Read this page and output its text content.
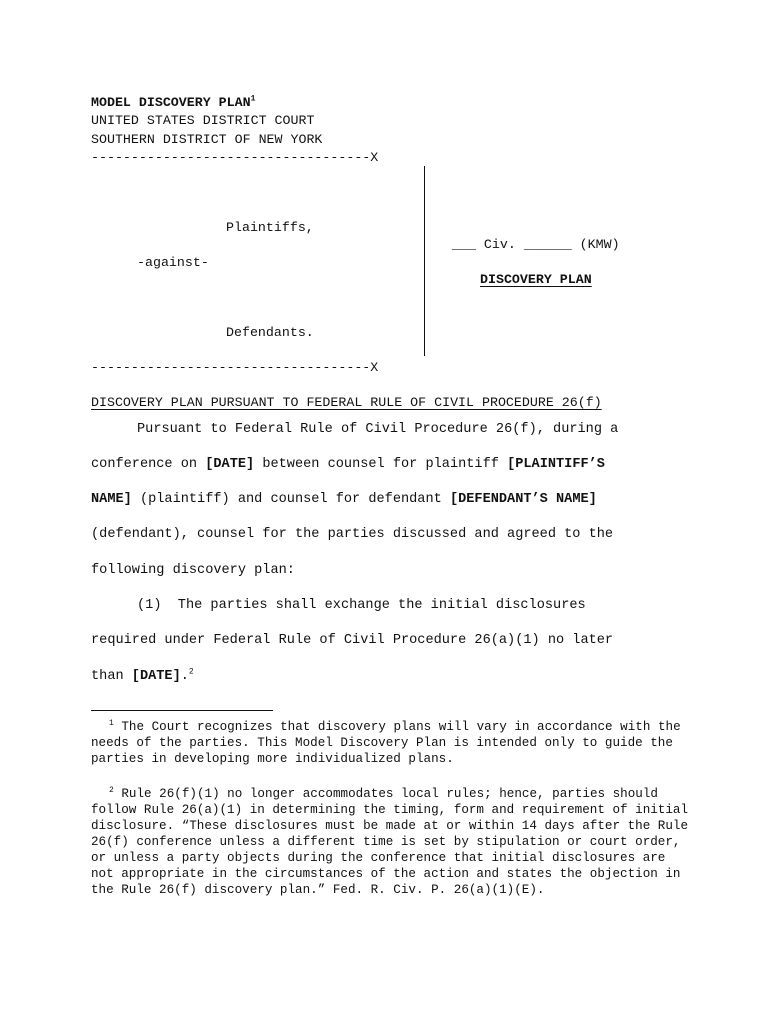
MODEL DISCOVERY PLAN$^1$
UNITED STATES DISTRICT COURT
SOUTHERN DISTRICT OF NEW YORK
-----------------------------------X
Plaintiffs,
-against-
Defendants.
-----------------------------------X
___ Civ. ______ (KMW)
DISCOVERY PLAN
DISCOVERY PLAN PURSUANT TO FEDERAL RULE OF CIVIL PROCEDURE 26(f)
Pursuant to Federal Rule of Civil Procedure 26(f), during a
conference on [DATE] between counsel for plaintiff [PLAINTIFF’S
NAME] (plaintiff) and counsel for defendant [DEFENDANT’S NAME]
(defendant), counsel for the parties discussed and agreed to the
following discovery plan:
(1)  The parties shall exchange the initial disclosures
required under Federal Rule of Civil Procedure 26(a)(1) no later
than [DATE].$^2$

$^1$ The Court recognizes that discovery plans will vary in accordance with the needs of the parties. This Model Discovery Plan is intended only to guide the parties in developing more individualized plans.

$^2$ Rule 26(f)(1) no longer accommodates local rules; hence, parties should follow Rule 26(a)(1) in determining the timing, form and requirement of initial disclosure. “These disclosures must be made at or within 14 days after the Rule 26(f) conference unless a different time is set by stipulation or court order, or unless a party objects during the conference that initial disclosures are not appropriate in the circumstances of the action and states the objection in the Rule 26(f) discovery plan.” Fed. R. Civ. P. 26(a)(1)(E).
